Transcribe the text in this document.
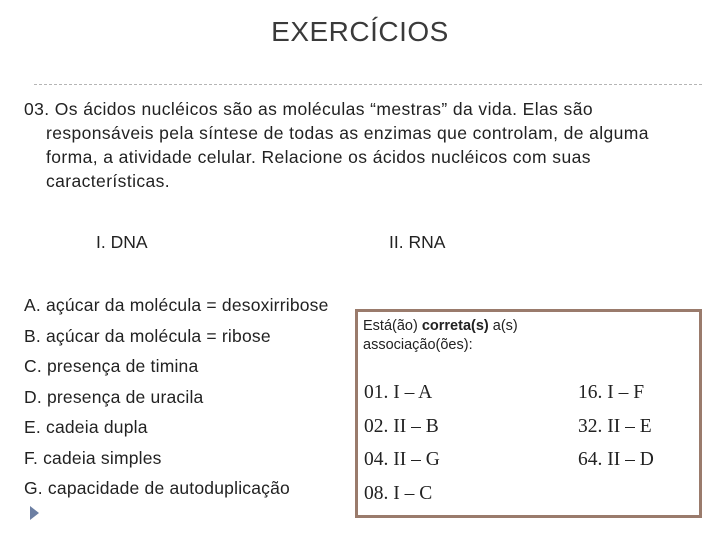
EXERCÍCIOS
03. Os ácidos nucléicos são as moléculas “mestras” da vida. Elas são
responsáveis pela síntese de todas as enzimas que controlam, de alguma
forma, a atividade celular. Relacione os ácidos nucléicos com suas
características.
I. DNA	II. RNA
A. açúcar da molécula = desoxirribose
B. açúcar da molécula = ribose
C. presença de timina
D. presença de uracila
E. cadeia dupla
F. cadeia simples
G. capacidade de autoduplicação
Está(ão) correta(s) a(s)
associação(ões):
01. I – A
02. II – B
04. II – G
08. I – C
16. I – F
32. II – E
64. II – D
